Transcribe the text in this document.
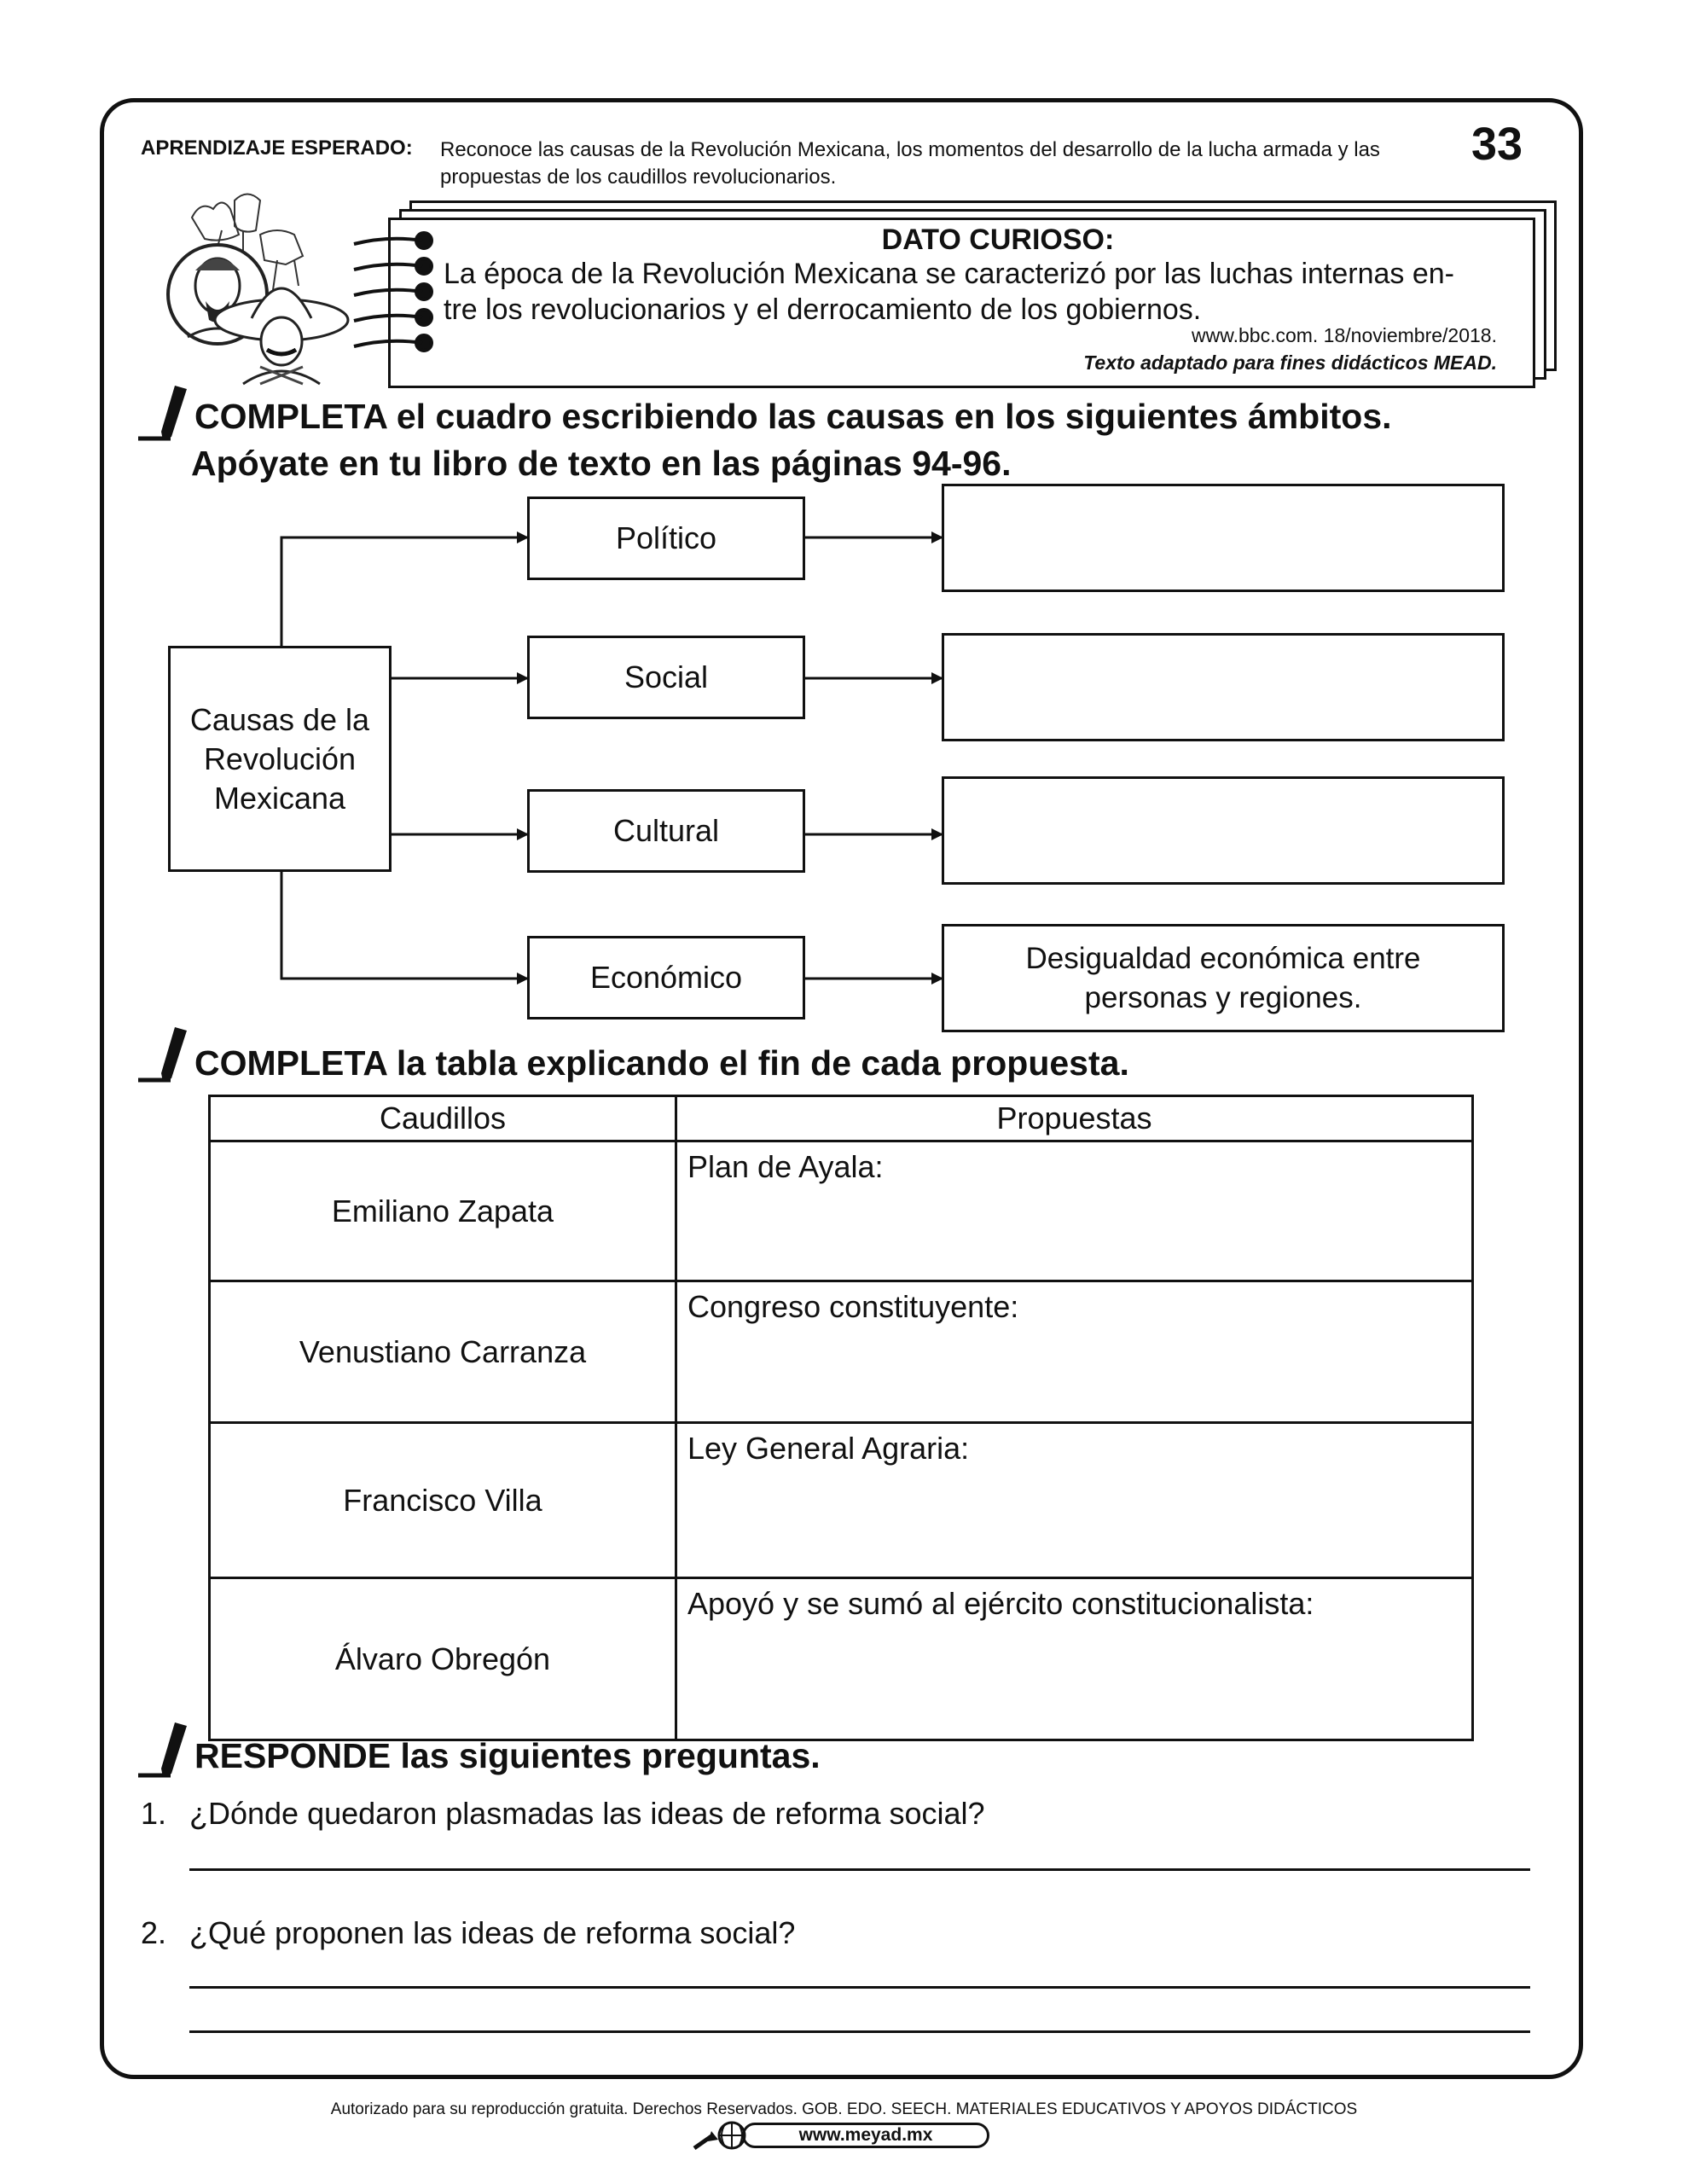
33
APRENDIZAJE ESPERADO: Reconoce las causas de la Revolución Mexicana, los momentos del desarrollo de la lucha armada y las
propuestas de los caudillos revolucionarios.
DATO CURIOSO:
La época de la Revolución Mexicana se caracterizó por las luchas internas en-
tre los revolucionarios y el derrocamiento de los gobiernos.
www.bbc.com. 18/noviembre/2018.
Texto adaptado para fines didácticos MEAD.
COMPLETA el cuadro escribiendo las causas en los siguientes ámbitos.
Apóyate en tu libro de texto en las páginas 94-96.
Causas de la
Revolución
Mexicana
Político
Social
Cultural
Económico
Desigualdad económica entre
personas y regiones.
COMPLETA la tabla explicando el fin de cada propuesta.
Caudillos	Propuestas
Emiliano Zapata	Plan de Ayala:
Venustiano Carranza	Congreso constituyente:
Francisco Villa	Ley General Agraria:
Álvaro Obregón	Apoyó y se sumó al ejército constitucionalista:
RESPONDE las siguientes preguntas.
1. ¿Dónde quedaron plasmadas las ideas de reforma social?
2. ¿Qué proponen las ideas de reforma social?
Autorizado para su reproducción gratuita. Derechos Reservados. GOB. EDO. SEECH. MATERIALES EDUCATIVOS Y APOYOS DIDÁCTICOS
www.meyad.mx
